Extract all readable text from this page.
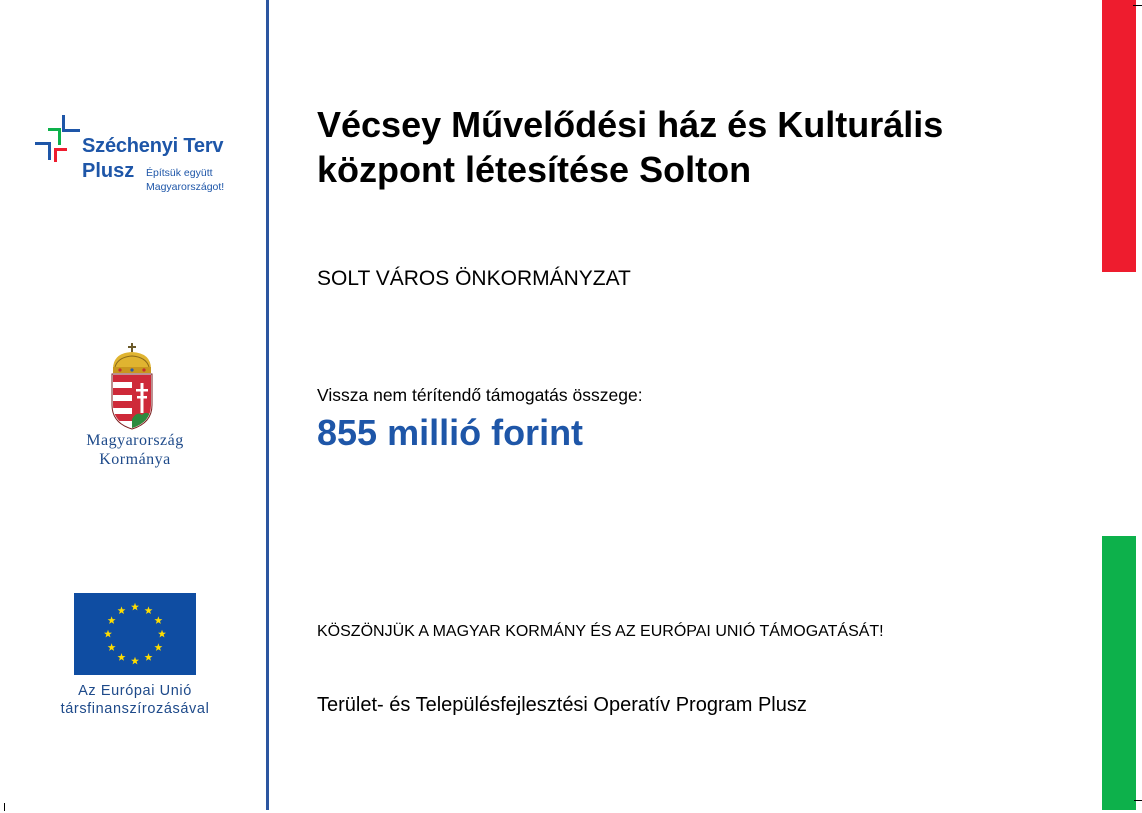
Széchenyi Terv
Plusz Építsük együtt
Magyarországot!
Magyarország
Kormánya
Az Európai Unió
társfinanszírozásával
Vécsey Művelődési ház és Kulturális központ létesítése Solton
SOLT VÁROS ÖNKORMÁNYZAT
Vissza nem térítendő támogatás összege:
855 millió forint
KÖSZÖNJÜK A MAGYAR KORMÁNY ÉS AZ EURÓPAI UNIÓ TÁMOGATÁSÁT!
Terület- és Településfejlesztési Operatív Program Plusz
